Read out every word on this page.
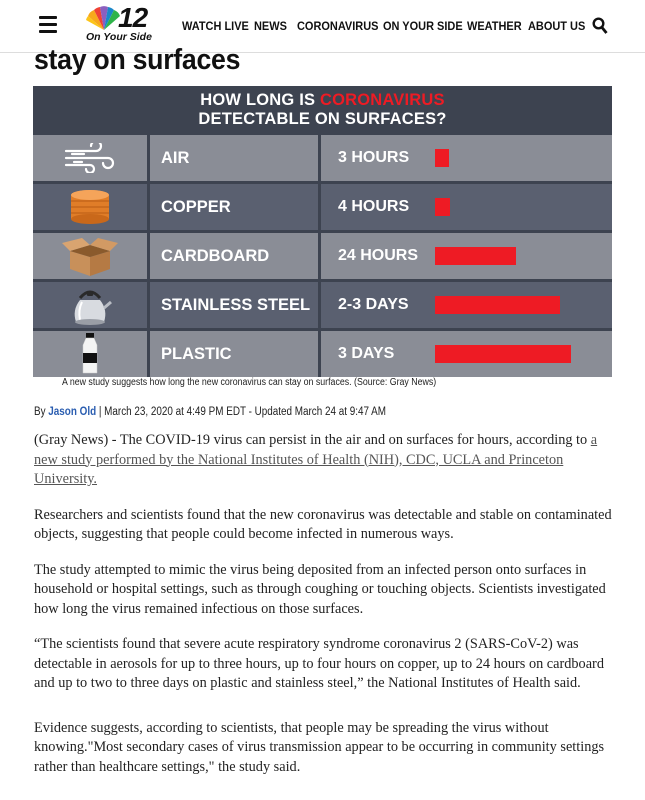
12
On Your Side
WATCH LIVE NEWS CORONAVIRUS ON YOUR SIDE WEATHER ABOUT US
stay on surfaces
HOW LONG IS CORONAVIRUS
DETECTABLE ON SURFACES?
AIR	3 HOURS
COPPER	4 HOURS
CARDBOARD	24 HOURS
STAINLESS STEEL	2-3 DAYS
PLASTIC	3 DAYS
A new study suggests how long the new coronavirus can stay on surfaces. (Source: Gray News)
By Jason Old | March 23, 2020 at 4:49 PM EDT - Updated March 24 at 9:47 AM

(Gray News) - The COVID-19 virus can persist in the air and on surfaces for hours, according to a new study performed by the National Institutes of Health (NIH), CDC, UCLA and Princeton University.

Researchers and scientists found that the new coronavirus was detectable and stable on contaminated objects, suggesting that people could become infected in numerous ways.

The study attempted to mimic the virus being deposited from an infected person onto surfaces in household or hospital settings, such as through coughing or touching objects. Scientists investigated how long the virus remained infectious on those surfaces.

“The scientists found that severe acute respiratory syndrome coronavirus 2 (SARS-CoV-2) was detectable in aerosols for up to three hours, up to four hours on copper, up to 24 hours on cardboard and up to two to three days on plastic and stainless steel,” the National Institutes of Health said.

Evidence suggests, according to scientists, that people may be spreading the virus without knowing."Most secondary cases of virus transmission appear to be occurring in community settings rather than healthcare settings," the study said.
